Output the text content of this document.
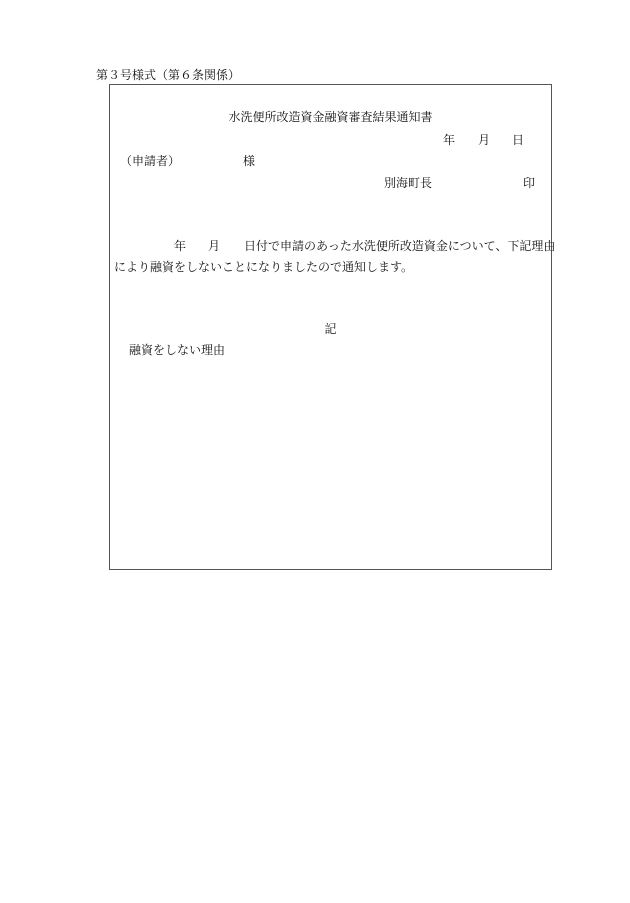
第３号様式（第６条関係）
水洗便所改造資金融資審査結果通知書
年 月 日
（申請者）	様
別海町長	印
年 月 日付で申請のあった水洗便所改造資金について、下記理由
により融資をしないことになりましたので通知します。
記
融資をしない理由
